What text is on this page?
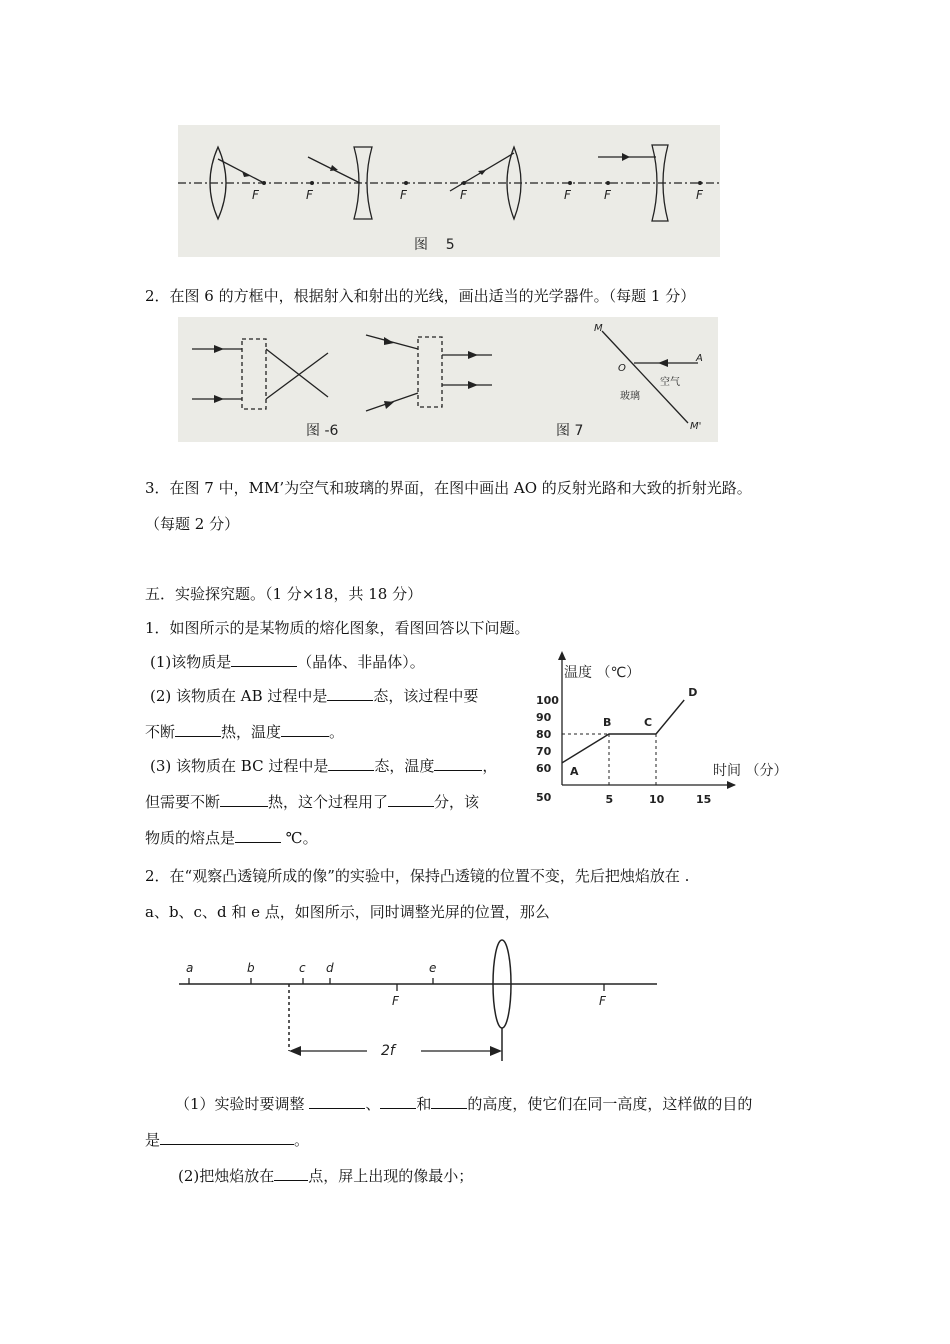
F	F	F	F	F	F	F
图    5
2．在图 6 的方框中，根据射入和射出的光线，画出适当的光学器件。（每题 1 分）
M
M'
O
A
空气
玻璃
图 -6	图 7
3．在图 7 中，MM’为空气和玻璃的界面，在图中画出 AO 的反射光路和大致的折射光路。
（每题 2 分）
五．实验探究题。（1 分×18，共 18 分）
1．如图所示的是某物质的熔化图象，看图回答以下问题。
(1)该物质是	（晶体、非晶体）。
(2) 该物质在 AB 过程中是	态，该过程中要
不断	热，温度	。
(3) 该物质在 BC 过程中是	态，温度	，
但需要不断	热，这个过程用了	分，该
物质的熔点是	℃。
50
60
70
80
90
100
5	10	15
温度 （℃）
时间 （分）
A
B	C
D
2．在“观察凸透镜所成的像”的实验中，保持凸透镜的位置不变，先后把烛焰放在 .
a、b、c、d 和 e 点，如图所示，同时调整光屏的位置，那么
a	b	c d	e
F	F
2f
（1）实验时要调整	、 和 的高度，使它们在同一高度，这样做的目的
是	。
(2)把烛焰放在 点，屏上出现的像最小；
